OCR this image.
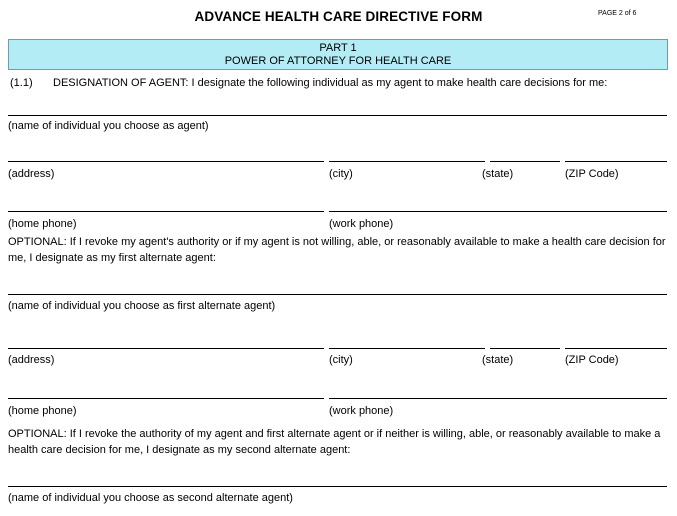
ADVANCE HEALTH CARE DIRECTIVE FORM	PAGE 2 of 6
PART 1
POWER OF ATTORNEY FOR HEALTH CARE
(1.1) DESIGNATION OF AGENT: I designate the following individual as my agent to make health care decisions for me:
(name of individual you choose as agent)
(address)	(city)	(state)	(ZIP Code)
(home phone)	(work phone)
OPTIONAL: If I revoke my agent's authority or if my agent is not willing, able, or reasonably available to make a health care decision for me, I designate as my first alternate agent:
(name of individual you choose as first alternate agent)
(address)	(city)	(state)	(ZIP Code)
(home phone)	(work phone)
OPTIONAL: If I revoke the authority of my agent and first alternate agent or if neither is willing, able, or reasonably available to make a health care decision for me, I designate as my second alternate agent:
(name of individual you choose as second alternate agent)
